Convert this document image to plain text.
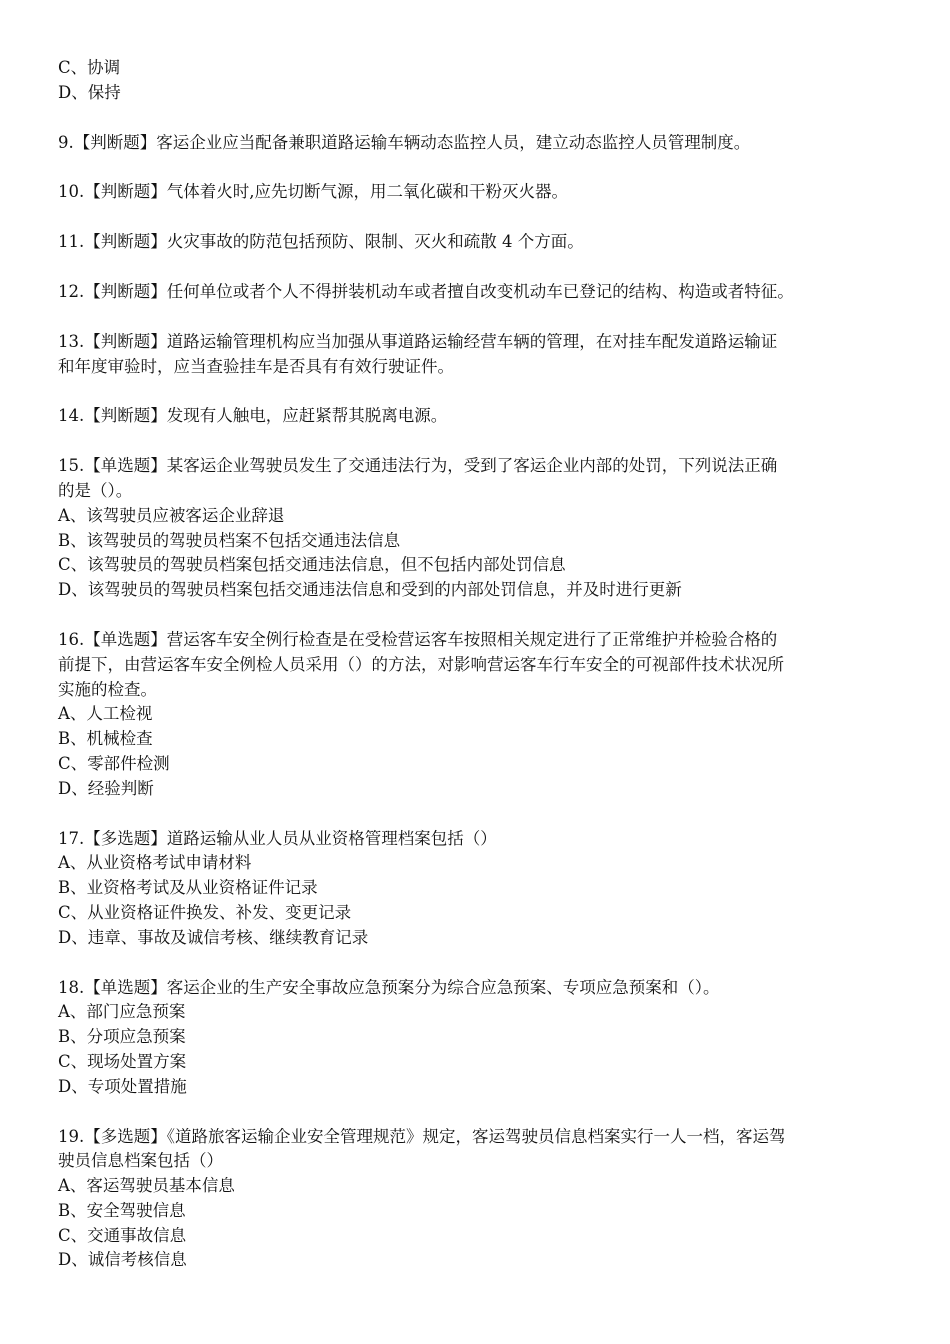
C、协调
D、保持
9.【判断题】客运企业应当配备兼职道路运输车辆动态监控人员，建立动态监控人员管理制度。
10.【判断题】气体着火时,应先切断气源，用二氧化碳和干粉灭火器。
11.【判断题】火灾事故的防范包括预防、限制、灭火和疏散 4 个方面。
12.【判断题】任何单位或者个人不得拼装机动车或者擅自改变机动车已登记的结构、构造或者特征。
13.【判断题】道路运输管理机构应当加强从事道路运输经营车辆的管理，在对挂车配发道路运输证
和年度审验时，应当查验挂车是否具有有效行驶证件。
14.【判断题】发现有人触电，应赶紧帮其脱离电源。
15.【单选题】某客运企业驾驶员发生了交通违法行为，受到了客运企业内部的处罚，下列说法正确
的是（）。
A、该驾驶员应被客运企业辞退
B、该驾驶员的驾驶员档案不包括交通违法信息
C、该驾驶员的驾驶员档案包括交通违法信息，但不包括内部处罚信息
D、该驾驶员的驾驶员档案包括交通违法信息和受到的内部处罚信息，并及时进行更新
16.【单选题】营运客车安全例行检查是在受检营运客车按照相关规定进行了正常维护并检验合格的
前提下，由营运客车安全例检人员采用（）的方法，对影响营运客车行车安全的可视部件技术状况所
实施的检查。
A、人工检视
B、机械检查
C、零部件检测
D、经验判断
17.【多选题】道路运输从业人员从业资格管理档案包括（）
A、从业资格考试申请材料
B、业资格考试及从业资格证件记录
C、从业资格证件换发、补发、变更记录
D、违章、事故及诚信考核、继续教育记录
18.【单选题】客运企业的生产安全事故应急预案分为综合应急预案、专项应急预案和（）。
A、部门应急预案
B、分项应急预案
C、现场处置方案
D、专项处置措施
19.【多选题】《道路旅客运输企业安全管理规范》规定，客运驾驶员信息档案实行一人一档，客运驾
驶员信息档案包括（）
A、客运驾驶员基本信息
B、安全驾驶信息
C、交通事故信息
D、诚信考核信息
